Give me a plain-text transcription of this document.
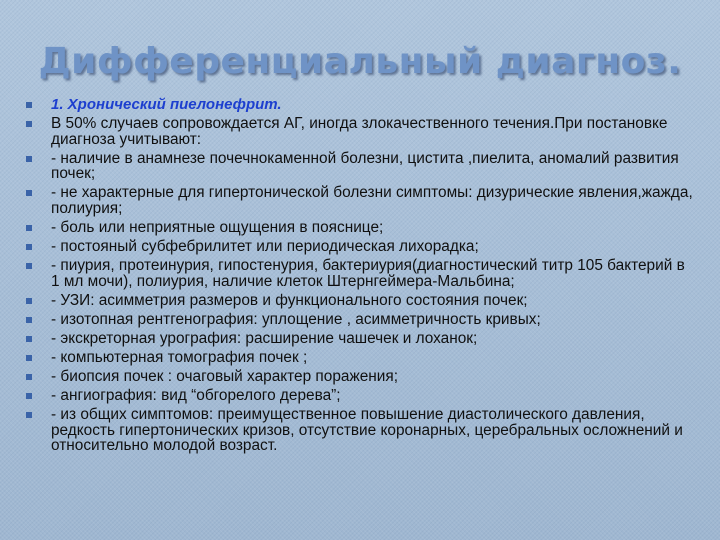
Дифференциальный диагноз.
1. Хронический пиелонефрит.
В 50% случаев сопровождается АГ, иногда злокачественного течения.При постановке диагноза учитывают:
- наличие в анамнезе почечнокаменной болезни, цистита ,пиелита, аномалий развития почек;
- не характерные для гипертонической болезни симптомы: дизурические явления,жажда, полиурия;
- боль или неприятные ощущения в пояснице;
- постояный субфебрилитет или периодическая лихорадка;
- пиурия, протеинурия, гипостенурия, бактериурия(диагностический титр 105 бактерий в 1 мл мочи), полиурия, наличие клеток Штернгеймера-Мальбина;
- УЗИ: асимметрия размеров и функционального состояния почек;
- изотопная рентгенография: уплощение , асимметричность кривых;
- экскреторная урография: расширение чашечек и лоханок;
- компьютерная томография почек ;
- биопсия почек : очаговый характер поражения;
- ангиография: вид “обгорелого дерева”;
- из общих симптомов: преимущественное повышение диастолического давления, редкость гипертонических кризов, отсутствие коронарных, церебральных осложнений и относительно молодой возраст.
